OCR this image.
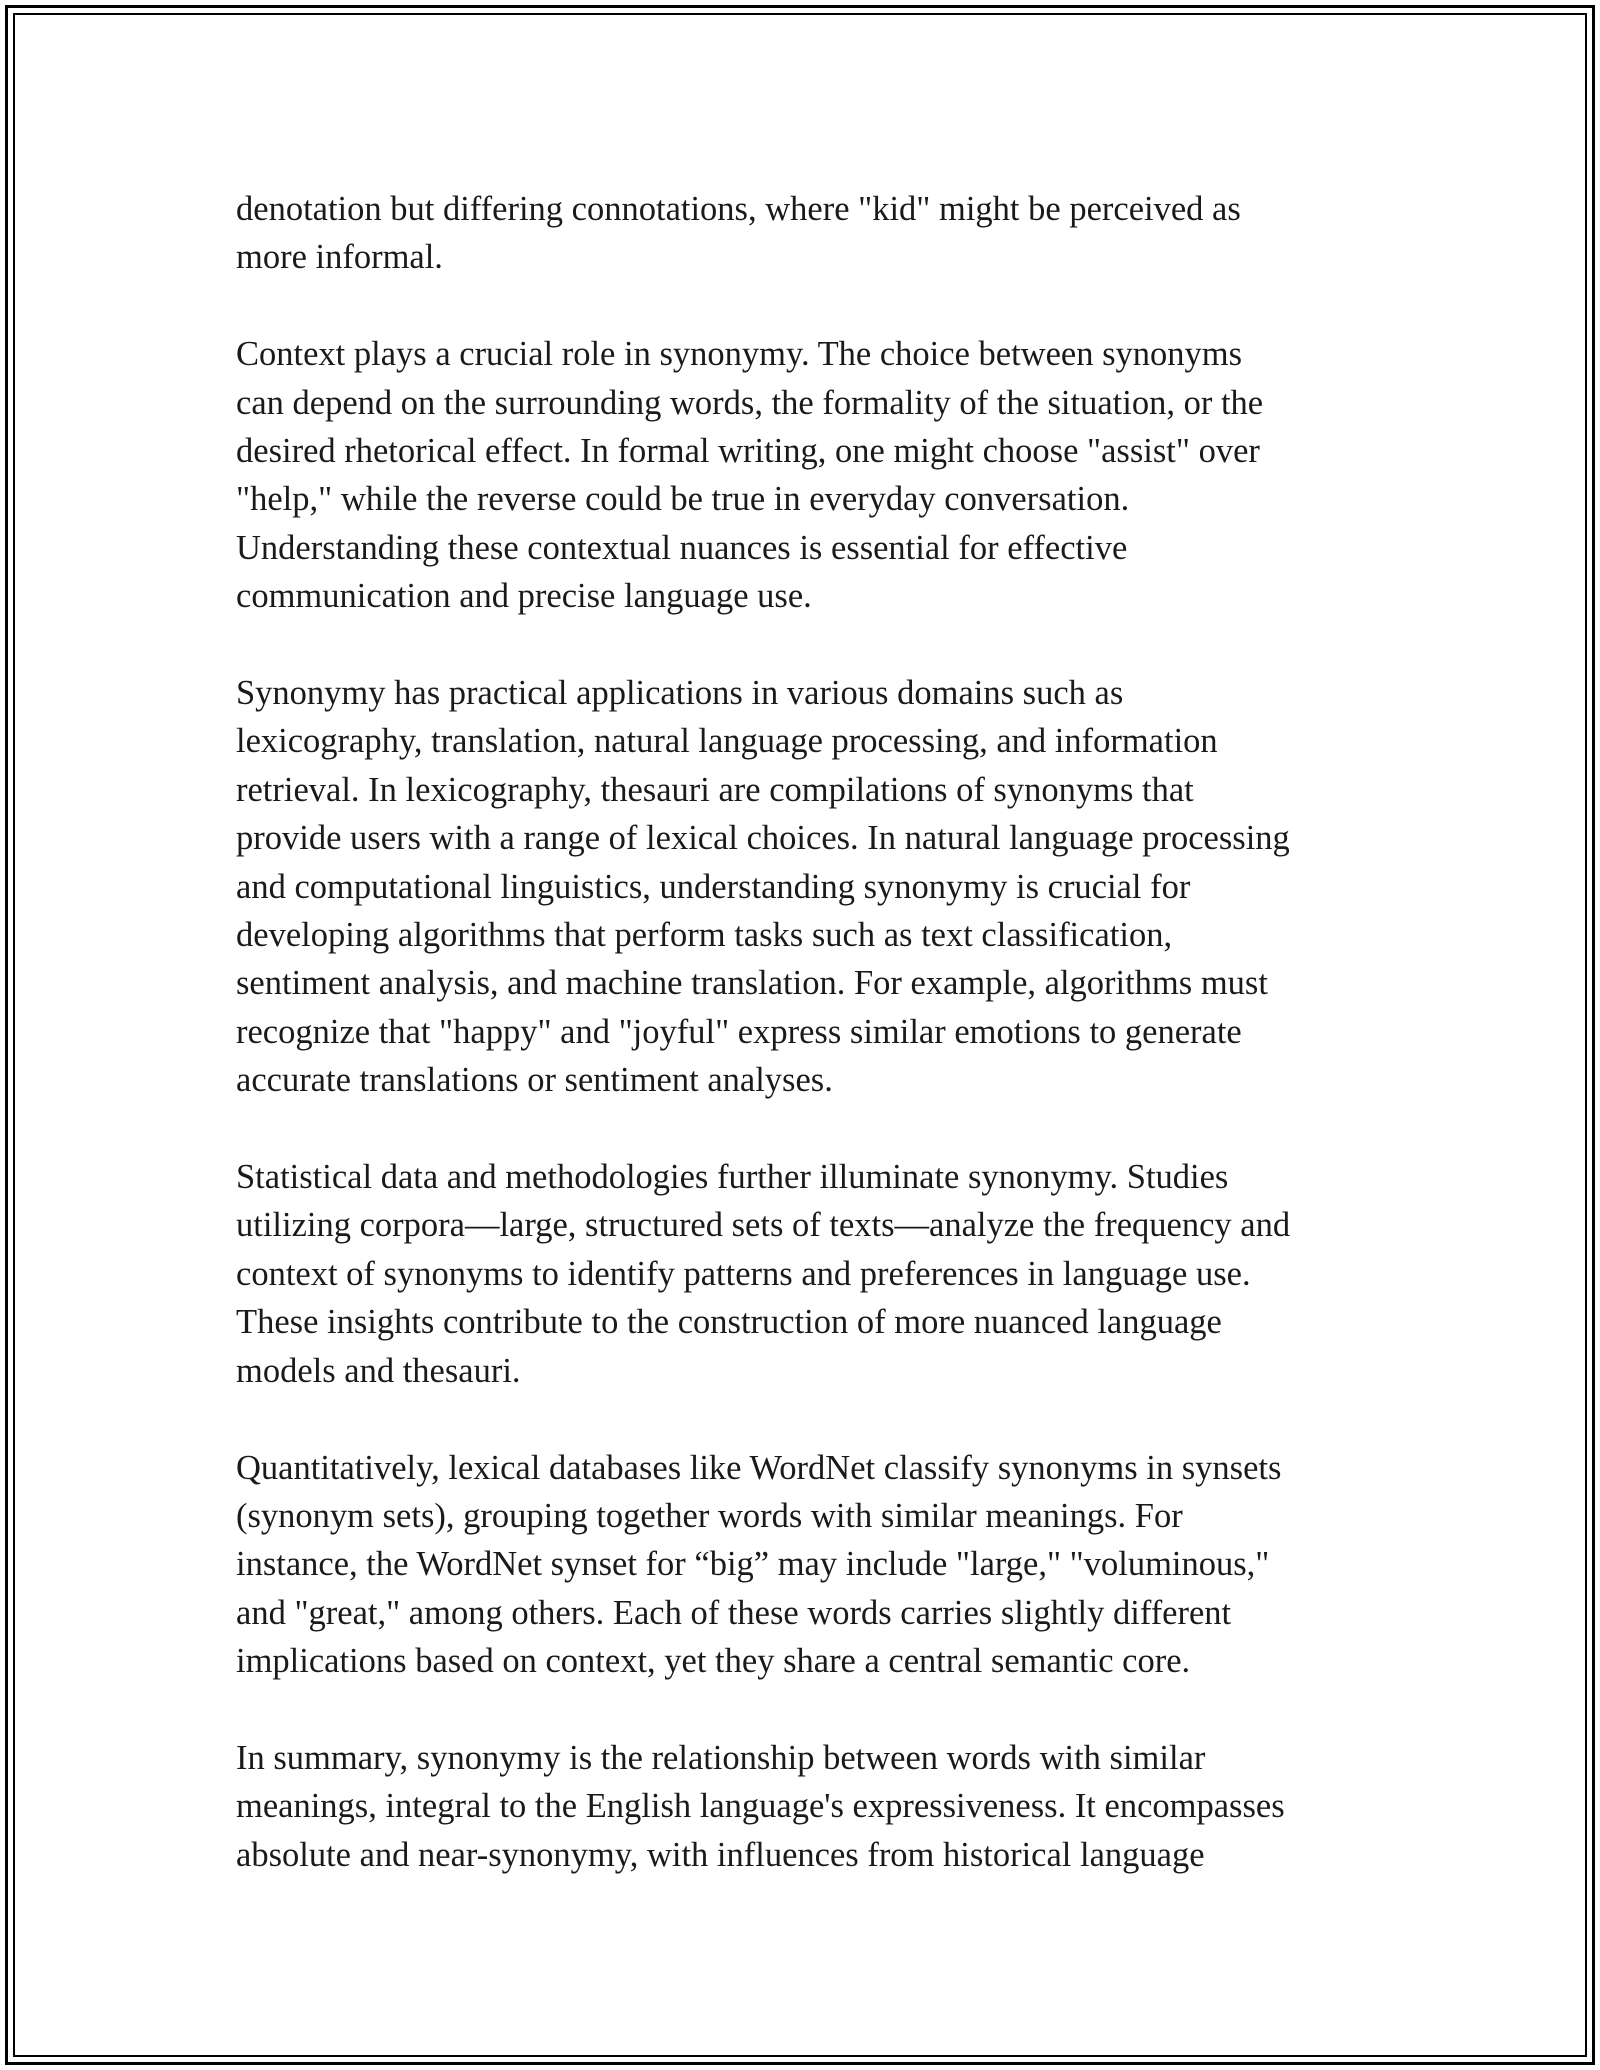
denotation but differing connotations, where "kid" might be perceived as
more informal.

Context plays a crucial role in synonymy. The choice between synonyms
can depend on the surrounding words, the formality of the situation, or the
desired rhetorical effect. In formal writing, one might choose "assist" over
"help," while the reverse could be true in everyday conversation.
Understanding these contextual nuances is essential for effective
communication and precise language use.

Synonymy has practical applications in various domains such as
lexicography, translation, natural language processing, and information
retrieval. In lexicography, thesauri are compilations of synonyms that
provide users with a range of lexical choices. In natural language processing
and computational linguistics, understanding synonymy is crucial for
developing algorithms that perform tasks such as text classification,
sentiment analysis, and machine translation. For example, algorithms must
recognize that "happy" and "joyful" express similar emotions to generate
accurate translations or sentiment analyses.

Statistical data and methodologies further illuminate synonymy. Studies
utilizing corpora—large, structured sets of texts—analyze the frequency and
context of synonyms to identify patterns and preferences in language use.
These insights contribute to the construction of more nuanced language
models and thesauri.

Quantitatively, lexical databases like WordNet classify synonyms in synsets
(synonym sets), grouping together words with similar meanings. For
instance, the WordNet synset for “big” may include "large," "voluminous,"
and "great," among others. Each of these words carries slightly different
implications based on context, yet they share a central semantic core.

In summary, synonymy is the relationship between words with similar
meanings, integral to the English language's expressiveness. It encompasses
absolute and near-synonymy, with influences from historical language
